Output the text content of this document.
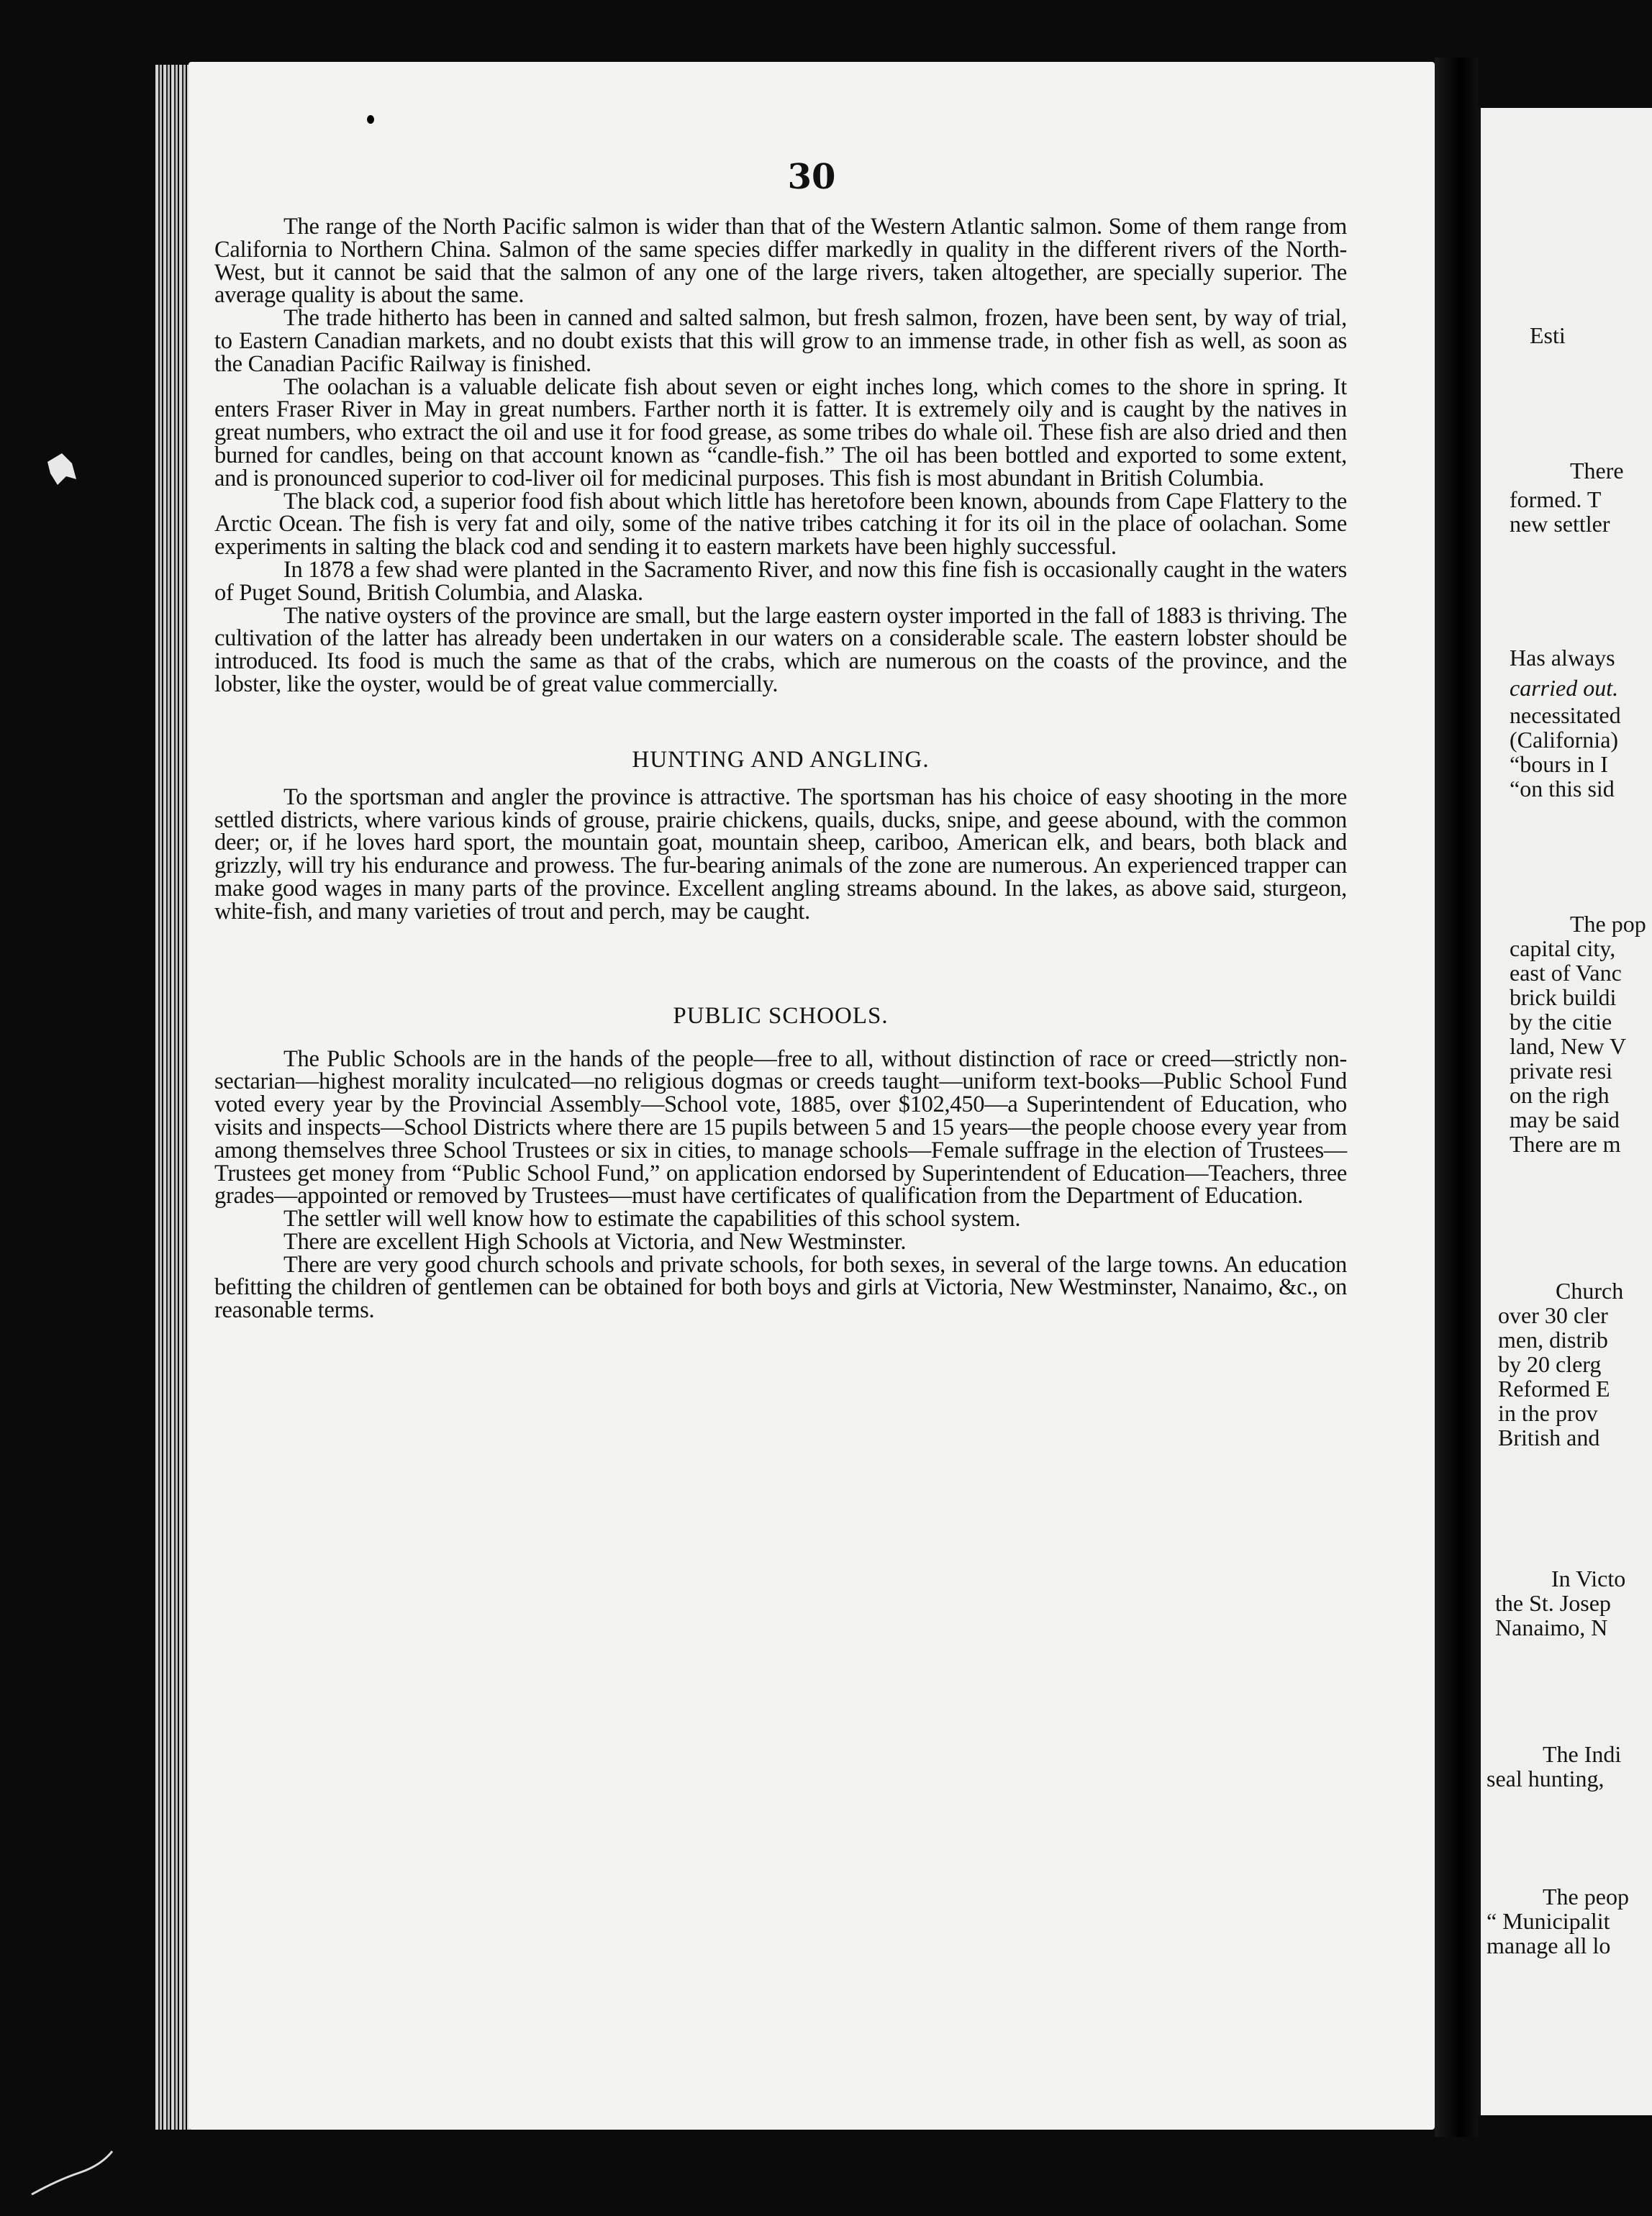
30

The range of the North Pacific salmon is wider than that of the Western Atlantic salmon. Some of them range from California to Northern China. Salmon of the same species differ markedly in quality in the different rivers of the North-West, but it cannot be said that the salmon of any one of the large rivers, taken altogether, are specially superior. The average quality is about the same.

The trade hitherto has been in canned and salted salmon, but fresh salmon, frozen, have been sent, by way of trial, to Eastern Canadian markets, and no doubt exists that this will grow to an immense trade, in other fish as well, as soon as the Canadian Pacific Railway is finished.

The oolachan is a valuable delicate fish about seven or eight inches long, which comes to the shore in spring. It enters Fraser River in May in great numbers. Farther north it is fatter. It is extremely oily and is caught by the natives in great numbers, who extract the oil and use it for food grease, as some tribes do whale oil. These fish are also dried and then burned for candles, being on that account known as “candle-fish.” The oil has been bottled and exported to some extent, and is pronounced superior to cod-liver oil for medicinal purposes. This fish is most abundant in British Columbia.

The black cod, a superior food fish about which little has heretofore been known, abounds from Cape Flattery to the Arctic Ocean. The fish is very fat and oily, some of the native tribes catching it for its oil in the place of oolachan. Some experiments in salting the black cod and sending it to eastern markets have been highly successful.

In 1878 a few shad were planted in the Sacramento River, and now this fine fish is occasionally caught in the waters of Puget Sound, British Columbia, and Alaska.

The native oysters of the province are small, but the large eastern oyster imported in the fall of 1883 is thriving. The cultivation of the latter has already been undertaken in our waters on a considerable scale. The eastern lobster should be introduced. Its food is much the same as that of the crabs, which are numerous on the coasts of the province, and the lobster, like the oyster, would be of great value commercially.

HUNTING AND ANGLING.

To the sportsman and angler the province is attractive. The sportsman has his choice of easy shooting in the more settled districts, where various kinds of grouse, prairie chickens, quails, ducks, snipe, and geese abound, with the common deer; or, if he loves hard sport, the mountain goat, mountain sheep, cariboo, American elk, and bears, both black and grizzly, will try his endurance and prowess. The fur-bearing animals of the zone are numerous. An experienced trapper can make good wages in many parts of the province. Excellent angling streams abound. In the lakes, as above said, sturgeon, white-fish, and many varieties of trout and perch, may be caught.

PUBLIC SCHOOLS.

The Public Schools are in the hands of the people—free to all, without distinction of race or creed—strictly non-sectarian—highest morality inculcated—no religious dogmas or creeds taught—uniform text-books—Public School Fund voted every year by the Provincial Assembly—School vote, 1885, over $102,450—a Superintendent of Education, who visits and inspects—School Districts where there are 15 pupils between 5 and 15 years—the people choose every year from among themselves three School Trustees or six in cities, to manage schools—Female suffrage in the election of Trustees—Trustees get money from “Public School Fund,” on application endorsed by Superintendent of Education—Teachers, three grades—appointed or removed by Trustees—must have certificates of qualification from the Department of Education.

The settler will well know how to estimate the capabilities of this school system.

There are excellent High Schools at Victoria, and New Westminster.

There are very good church schools and private schools, for both sexes, in several of the large towns. An education befitting the children of gentlemen can be obtained for both boys and girls at Victoria, New Westminster, Nanaimo, &c., on reasonable terms.

Esti
There
formed. T
new settler
Has always
carried out.
necessitated
(California)
“bours in I
“on this sid
The pop
capital city,
east of Vanc
brick buildi
by the citie
land, New V
private resi
on the righ
may be said
There are m
Church
over 30 cler
men, distrib
by 20 clerg
Reformed E
in the prov
British and
In Victo
the St. Josep
Nanaimo, N
The Indi
seal hunting,
The peop
“ Municipalit
manage all lo
